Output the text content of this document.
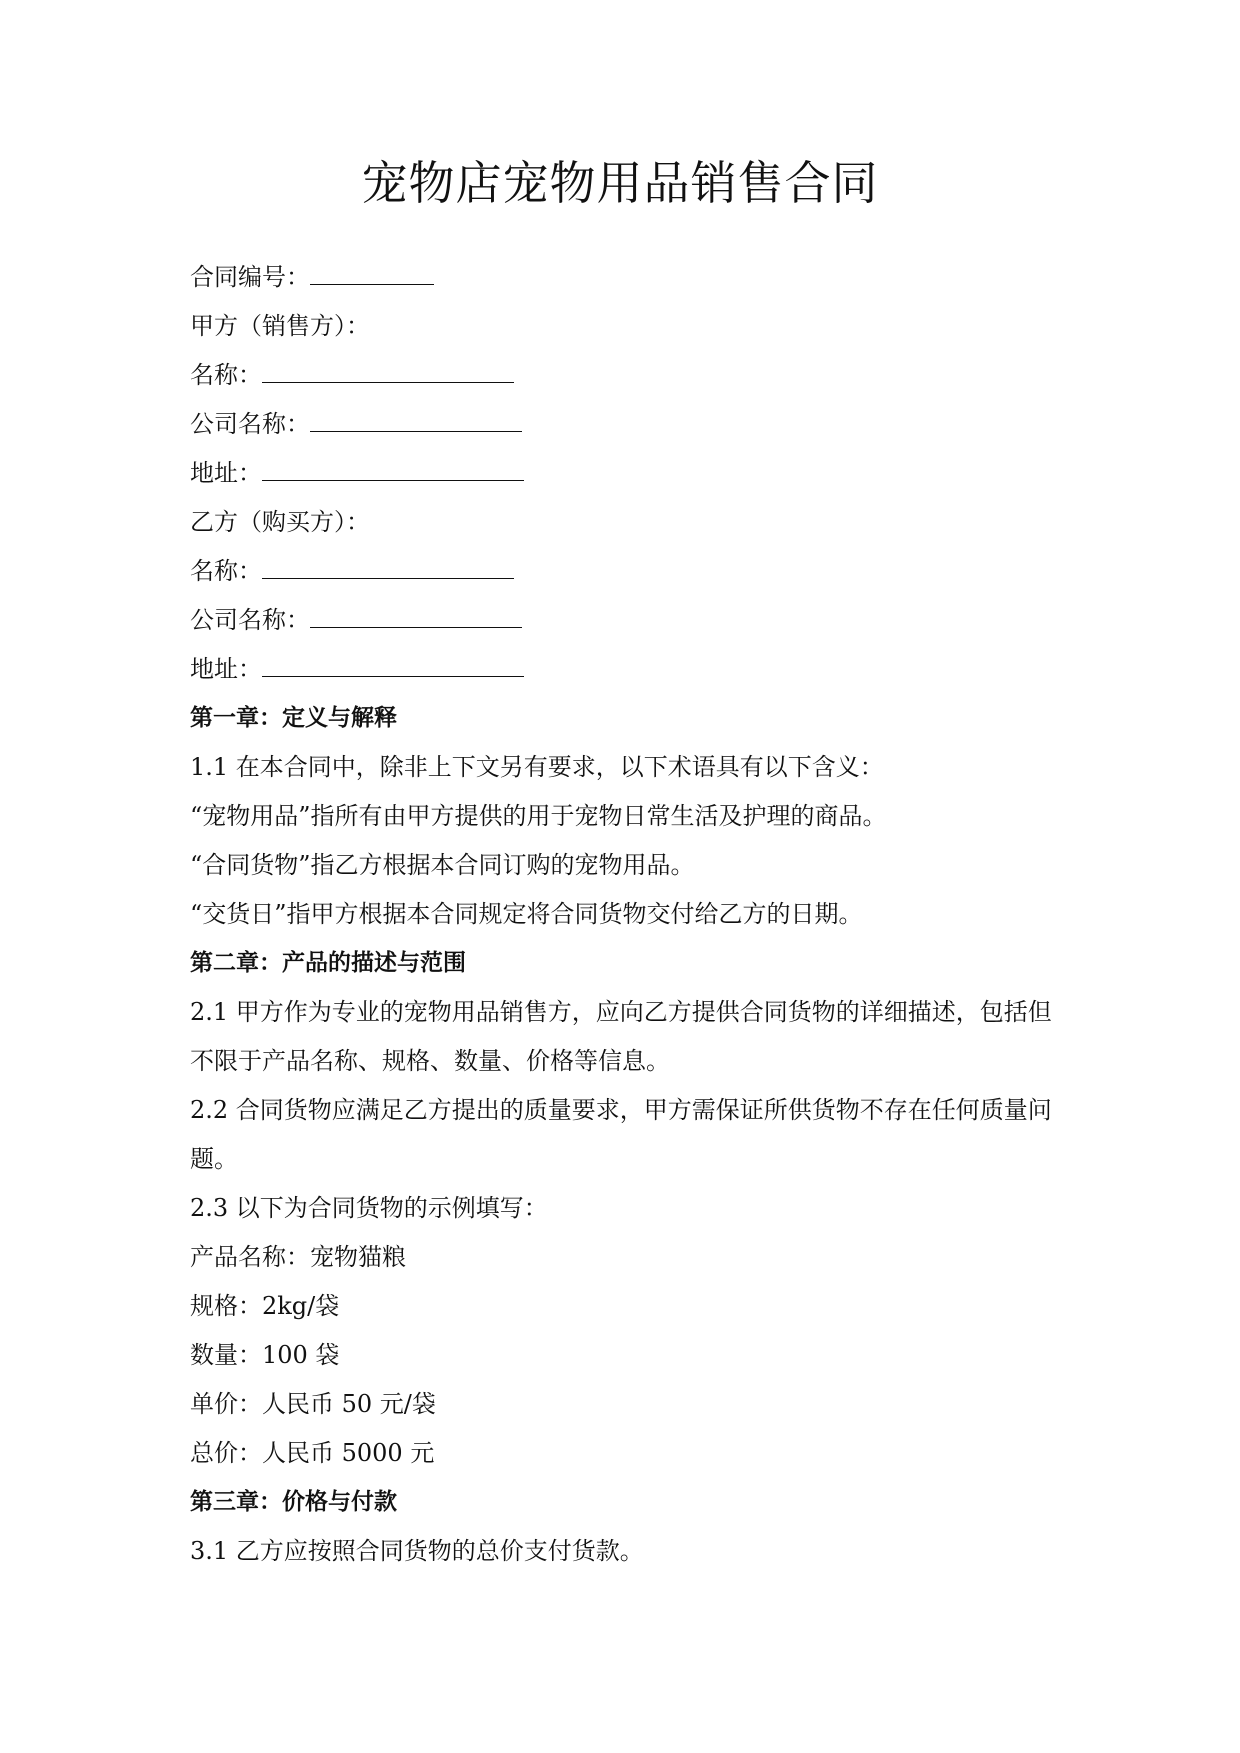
宠物店宠物用品销售合同

合同编号：

甲方（销售方）：

名称：

公司名称：

地址：

乙方（购买方）：

名称：

公司名称：

地址：

第一章：定义与解释

1.1 在本合同中，除非上下文另有要求，以下术语具有以下含义：

“宠物用品”指所有由甲方提供的用于宠物日常生活及护理的商品。

“合同货物”指乙方根据本合同订购的宠物用品。

“交货日”指甲方根据本合同规定将合同货物交付给乙方的日期。

第二章：产品的描述与范围

2.1 甲方作为专业的宠物用品销售方，应向乙方提供合同货物的详细描述，包括但不限于产品名称、规格、数量、价格等信息。

2.2 合同货物应满足乙方提出的质量要求，甲方需保证所供货物不存在任何质量问题。

2.3 以下为合同货物的示例填写：

产品名称：宠物猫粮

规格：2kg/袋

数量：100 袋

单价：人民币 50 元/袋

总价：人民币 5000 元

第三章：价格与付款

3.1 乙方应按照合同货物的总价支付货款。
